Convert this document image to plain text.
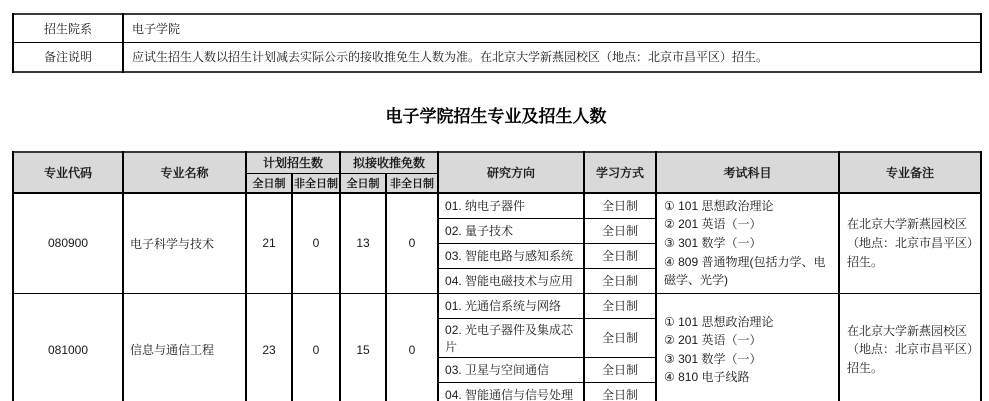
招生院系	电子学院
备注说明	应试生招生人数以招生计划减去实际公示的接收推免生人数为准。在北京大学新燕园校区（地点：北京市昌平区）招生。
电子学院招生专业及招生人数
专业代码	专业名称	计划招生数		拟接收推免数		研究方向	学习方式	考试科目	专业备注
		全日制	非全日制	全日制	非全日制				
080900	电子科学与技术	21	0	13	0	01. 纳电子器件	全日制	① 101 思想政治理论
② 201 英语（一）
③ 301 数学（一）
④ 809 普通物理(包括力学、电磁学、光学)	在北京大学新燕园校区（地点：北京市昌平区）招生。
						02. 量子技术	全日制		
						03. 智能电路与感知系统	全日制		
						04. 智能电磁技术与应用	全日制		
081000	信息与通信工程	23	0	15	0	01. 光通信系统与网络	全日制	① 101 思想政治理论
② 201 英语（一）
③ 301 数学（一）
④ 810 电子线路	在北京大学新燕园校区（地点：北京市昌平区）招生。
						02. 光电子器件及集成芯片	全日制		
						03. 卫星与空间通信	全日制		
						04. 智能通信与信号处理	全日制		
